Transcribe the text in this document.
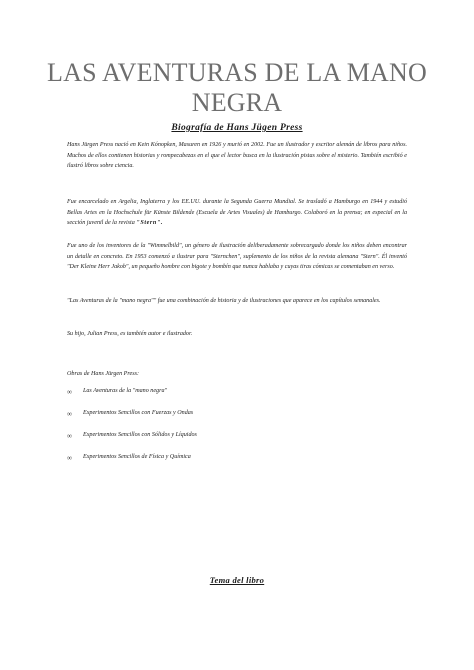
LAS AVENTURAS DE LA MANO NEGRA

Biografía de Hans Jügen Press

Hans Jürgen Press nació en Kein Kónopken, Masuren en 1926 y murió en 2002. Fue un ilustrador y escritor alemán de libros para niños. Muchos de ellos contienen historias y rompecabezas en el que el lector busca en la ilustración pistas sobre el misterio. También escribió e ilustró libros sobre ciencia.

Fue encarcelado en Argelia, Inglaterra y los EE.UU. durante la Segunda Guerra Mundial. Se trasladó a Hamburgo en 1944 y estudió Bellas Artes en la Hochschule für Künste Bildende (Escuela de Artes Visuales) de Hamburgo. Colaboró en la prensa; en especial en la sección juvenil de la revista "Stern".

Fue uno de los inventores de la "Wimmelbild", un género de ilustración deliberadamente sobrecargado donde los niños deben encontrar un detalle en concreto. En 1953 comenzó a ilustrar para "Sternchen", suplemento de los niños de la revista alemana "Stern". Él inventó "Der Kleine Herr Jakob", un pequeño hombre con bigote y bombín que nunca hablaba y cuyas tiras cómicas se comentaban en verso.

"Las Aventuras de la "mano negra"" fue una combinación de historia y de ilustraciones que aparece en los capítulos semanales.

Su hijo, Julian Press, es también autor e ilustrador.

Obras de Hans Jürgen Press:

∞ Las Aventuras de la "mano negra"
∞ Experimentos Sencillos con Fuerzas y Ondas
∞ Experimentos Sencillos con Sólidos y Líquidos
∞ Experimentos Sencillos de Física y Química

Tema del libro
